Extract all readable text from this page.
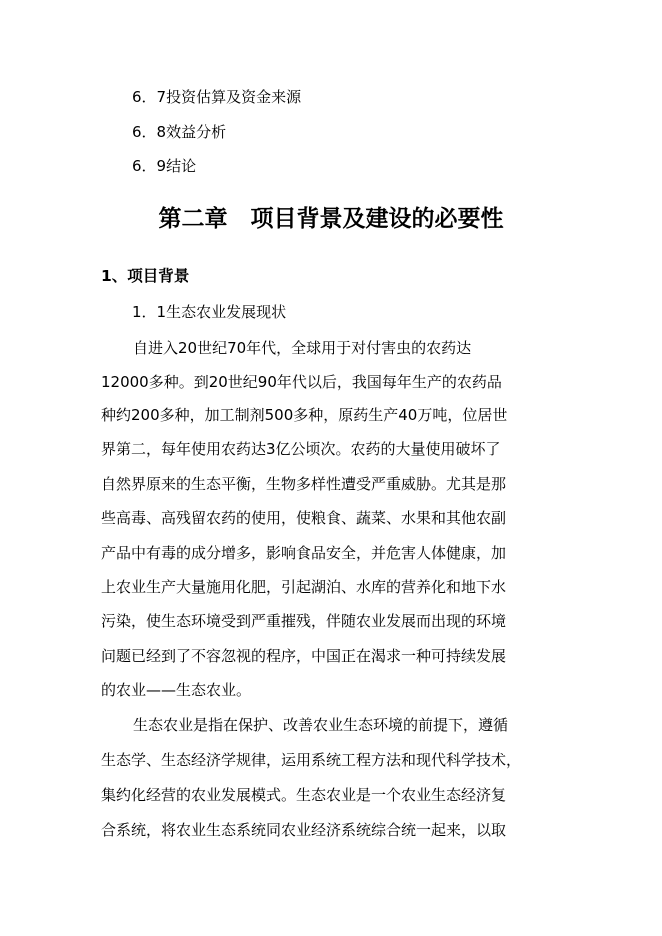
6．7投资估算及资金来源
6．8效益分析
6．9结论
第二章　项目背景及建设的必要性
1、项目背景
1．1生态农业发展现状
自进入20世纪70年代，全球用于对付害虫的农药达
12000多种。到20世纪90年代以后，我国每年生产的农药品
种约200多种，加工制剂500多种，原药生产40万吨，位居世
界第二，每年使用农药达3亿公顷次。农药的大量使用破坏了
自然界原来的生态平衡，生物多样性遭受严重威胁。尤其是那
些高毒、高残留农药的使用，使粮食、蔬菜、水果和其他农副
产品中有毒的成分增多，影响食品安全，并危害人体健康，加
上农业生产大量施用化肥，引起湖泊、水库的营养化和地下水
污染，使生态环境受到严重摧残，伴随农业发展而出现的环境
问题已经到了不容忽视的程序，中国正在渴求一种可持续发展
的农业——生态农业。
生态农业是指在保护、改善农业生态环境的前提下，遵循
生态学、生态经济学规律，运用系统工程方法和现代科学技术，
集约化经营的农业发展模式。生态农业是一个农业生态经济复
合系统，将农业生态系统同农业经济系统综合统一起来，以取
